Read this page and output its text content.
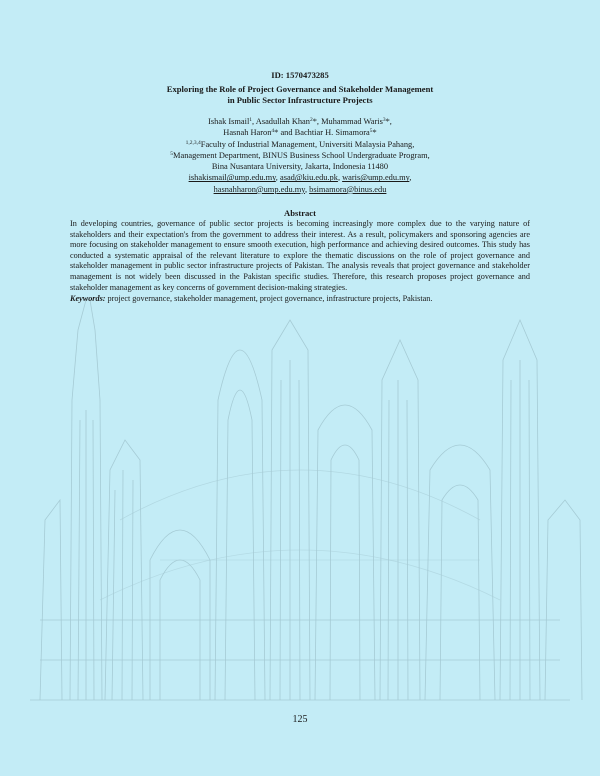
ID: 1570473285
Exploring the Role of Project Governance and Stakeholder Management
in Public Sector Infrastructure Projects
Ishak Ismail$^1$, Asadullah Khan$^2$*, Muhammad Waris$^3$*,
Hasnah Haron$^4$* and Bachtiar H. Simamora$^5$*
$^{1,2,3,4}$Faculty of Industrial Management, Universiti Malaysia Pahang,
$^5$Management Department, BINUS Business School Undergraduate Program,
Bina Nusantara University, Jakarta, Indonesia 11480
ishakismail@ump.edu.my, asad@kiu.edu.pk, waris@ump.edu.my,
hasnahharon@ump.edu.my, bsimamora@binus.edu
Abstract
In developing countries, governance of public sector projects is becoming increasingly more complex due to the varying nature of stakeholders and their expectation's from the government to address their interest. As a result, policymakers and sponsoring agencies are more focusing on stakeholder management to ensure smooth execution, high performance and achieving desired outcomes. This study has conducted a systematic appraisal of the relevant literature to explore the thematic discussions on the role of project governance and stakeholder management in public sector infrastructure projects of Pakistan. The analysis reveals that project governance and stakeholder management is not widely been discussed in the Pakistan specific studies. Therefore, this research proposes project governance and stakeholder management as key concerns of government decision-making strategies.
Keywords: project governance, stakeholder management, project governance, infrastructure projects, Pakistan.
125
